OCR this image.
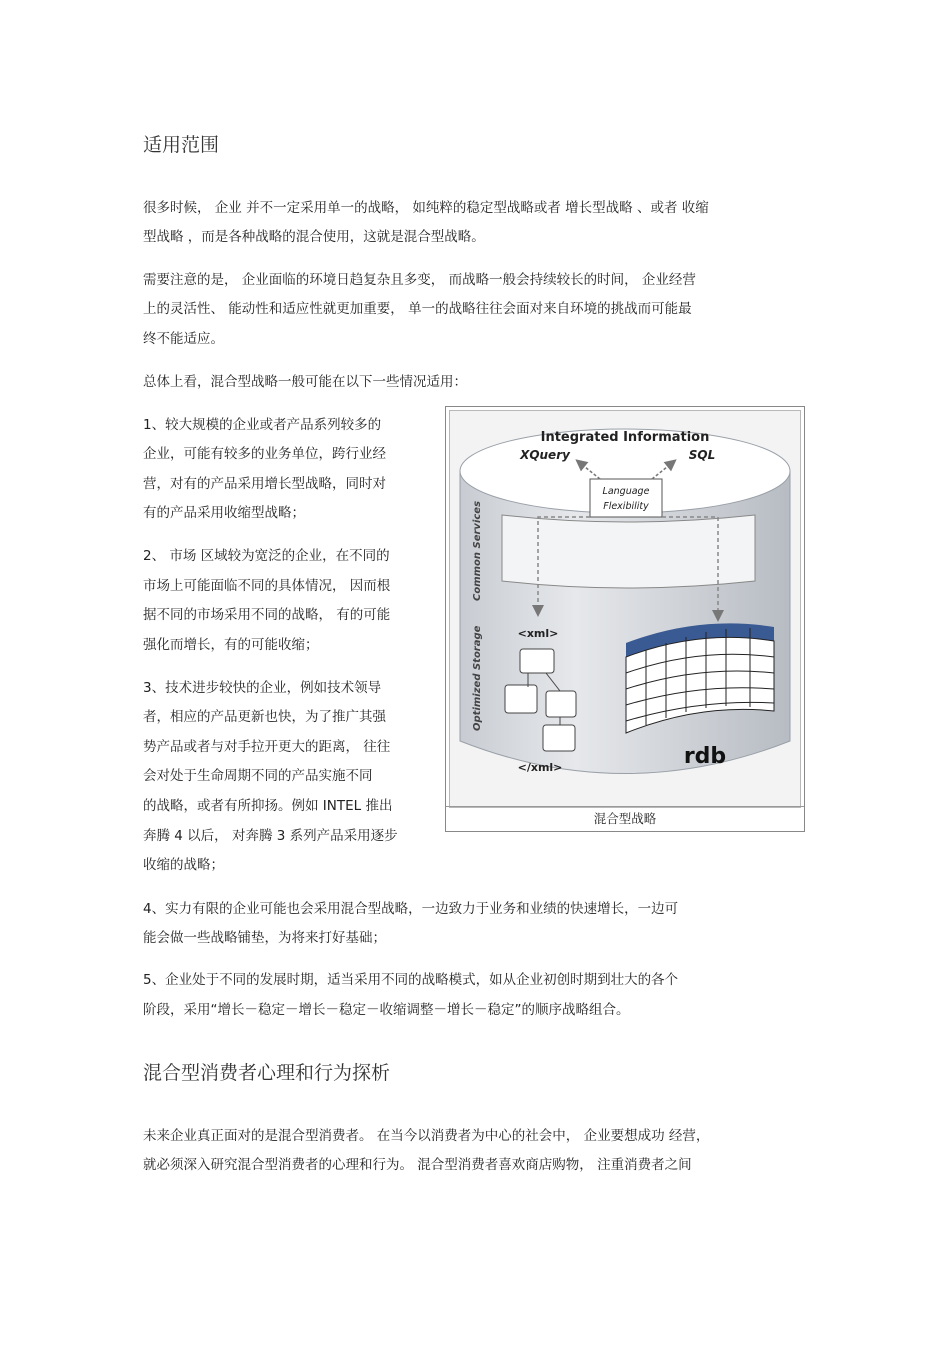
适用范围
很多时候， 企业 并不一定采用单一的战略， 如纯粹的稳定型战略或者 增长型战略 、或者 收缩
型战略 ，而是各种战略的混合使用，这就是混合型战略。
需要注意的是， 企业面临的环境日趋复杂且多变， 而战略一般会持续较长的时间， 企业经营
上的灵活性、 能动性和适应性就更加重要， 单一的战略往往会面对来自环境的挑战而可能最
终不能适应。
总体上看，混合型战略一般可能在以下一些情况适用：
1、较大规模的企业或者产品系列较多的
企业，可能有较多的业务单位，跨行业经
营，对有的产品采用增长型战略，同时对
有的产品采用收缩型战略；
2、 市场 区域较为宽泛的企业，在不同的
市场上可能面临不同的具体情况， 因而根
据不同的市场采用不同的战略， 有的可能
强化而增长，有的可能收缩；
3、技术进步较快的企业，例如技术领导
者，相应的产品更新也快，为了推广其强
势产品或者与对手拉开更大的距离， 往往
会对处于生命周期不同的产品实施不同
的战略，或者有所抑扬。例如 INTEL 推出
奔腾 4 以后， 对奔腾 3 系列产品采用逐步
收缩的战略；
4、实力有限的企业可能也会采用混合型战略，一边致力于业务和业绩的快速增长，一边可
能会做一些战略铺垫，为将来打好基础；
5、企业处于不同的发展时期，适当采用不同的战略模式，如从企业初创时期到壮大的各个
阶段，采用“增长－稳定－增长－稳定－收缩调整－增长－稳定”的顺序战略组合。
Integrated Information
XQuery	SQL
Language
Flexibility
Common Services
Optimized Storage	<xml>
</xml>	rdb
混合型战略
混合型消费者心理和行为探析
未来企业真正面对的是混合型消费者。 在当今以消费者为中心的社会中， 企业要想成功 经营，
就必须深入研究混合型消费者的心理和行为。 混合型消费者喜欢商店购物， 注重消费者之间
